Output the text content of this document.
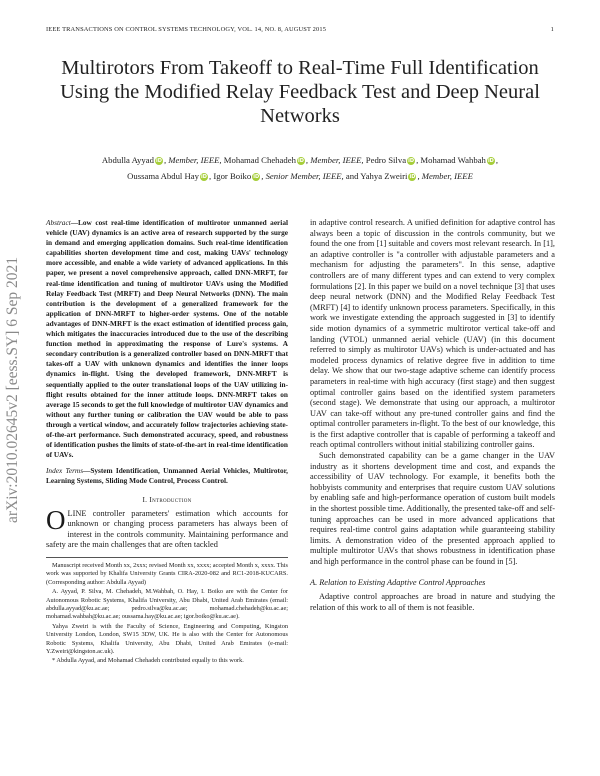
IEEE TRANSACTIONS ON CONTROL SYSTEMS TECHNOLOGY, VOL. 14, NO. 8, AUGUST 2015	1
arXiv:2010.02645v2 [eess.SY] 6 Sep 2021
Multirotors From Takeoff to Real-Time Full Identification Using the Modified Relay Feedback Test and Deep Neural Networks
Abdulla Ayyad iD , Member, IEEE, Mohamad Chehadeh iD , Member, IEEE, Pedro Silva iD , Mohamad Wahbah iD ,
Oussama Abdul Hay iD , Igor Boiko iD , Senior Member, IEEE, and Yahya Zweiri iD , Member, IEEE
Abstract—Low cost real-time identification of multirotor unmanned aerial vehicle (UAV) dynamics is an active area of research supported by the surge in demand and emerging application domains. Such real-time identification capabilities shorten development time and cost, making UAVs' technology more accessible, and enable a wide variety of advanced applications. In this paper, we present a novel comprehensive approach, called DNN-MRFT, for real-time identification and tuning of multirotor UAVs using the Modified Relay Feedback Test (MRFT) and Deep Neural Networks (DNN). The main contribution is the development of a generalized framework for the application of DNN-MRFT to higher-order systems. One of the notable advantages of DNN-MRFT is the exact estimation of identified process gain, which mitigates the inaccuracies introduced due to the use of the describing function method in approximating the response of Lure's systems. A secondary contribution is a generalized controller based on DNN-MRFT that takes-off a UAV with unknown dynamics and identifies the inner loops dynamics in-flight. Using the developed framework, DNN-MRFT is sequentially applied to the outer translational loops of the UAV utilizing in-flight results obtained for the inner attitude loops. DNN-MRFT takes on average 15 seconds to get the full knowledge of multirotor UAV dynamics and without any further tuning or calibration the UAV would be able to pass through a vertical window, and accurately follow trajectories achieving state-of-the-art performance. Such demonstrated accuracy, speed, and robustness of identification pushes the limits of state-of-the-art in real-time identification of UAVs.
Index Terms—System Identification, Unmanned Aerial Vehicles, Multirotor, Learning Systems, Sliding Mode Control, Process Control.
I. Introduction
OLINE controller parameters' estimation which accounts for unknown or changing process parameters has always been of interest in the controls community. Maintaining performance and safety are the main challenges that are often tackled

Manuscript received Month xx, 2xxx; revised Month xx, xxxx; accepted Month x, xxxx. This work was supported by Khalifa University Grants CIRA-2020-082 and RC1-2018-KUCARS. (Corresponding author: Abdulla Ayyad)

A. Ayyad, P. Silva, M. Chehadeh, M.Wahbah, O. Hay, I. Boiko are with the Center for Autonomous Robotic Systems, Khalifa University, Abu Dhabi, United Arab Emirates (email: abdulla.ayyad@ku.ac.ae; pedro.silva@ku.ac.ae; mohamad.chehadeh@ku.ac.ae; mohamad.wahbah@ku.ac.ae; oussama.hay@ku.ac.ae; igor.boiko@ku.ac.ae).

Yahya Zweiri is with the Faculty of Science, Engineering and Computing, Kingston University London, London, SW15 3DW, UK. He is also with the Center for Autonomous Robotic Systems, Khalifa University, Abu Dhabi, United Arab Emirates (e-mail: Y.Zweiri@kingston.ac.uk).

* Abdulla Ayyad, and Mohamad Chehadeh contributed equally to this work.

in adaptive control research. A unified definition for adaptive control has always been a topic of discussion in the controls community, but we found the one from [1] suitable and covers most relevant research. In [1], an adaptive controller is "a controller with adjustable parameters and a mechanism for adjusting the parameters". In this sense, adaptive controllers are of many different types and can extend to very complex formulations [2]. In this paper we build on a novel technique [3] that uses deep neural network (DNN) and the Modified Relay Feedback Test (MRFT) [4] to identify unknown process parameters. Specifically, in this work we investigate extending the approach suggested in [3] to identify side motion dynamics of a symmetric multirotor vertical take-off and landing (VTOL) unmanned aerial vehicle (UAV) (in this document referred to simply as multirotor UAVs) which is under-actuated and has modeled process dynamics of relative degree five in addition to time delay. We show that our two-stage adaptive scheme can identify process parameters in real-time with high accuracy (first stage) and then suggest optimal controller gains based on the identified system parameters (second stage). We demonstrate that using our approach, a multirotor UAV can take-off without any pre-tuned controller gains and find the optimal controller parameters in-flight. To the best of our knowledge, this is the first adaptive controller that is capable of performing a takeoff and reach optimal controllers without initial stabilizing controller gains.

Such demonstrated capability can be a game changer in the UAV industry as it shortens development time and cost, and expands the accessibility of UAV technology. For example, it benefits both the hobbyists community and enterprises that require custom UAV solutions by enabling safe and high-performance operation of custom built models in the shortest possible time. Additionally, the presented take-off and self-tuning approaches can be used in more advanced applications that requires real-time control gains adaptation while guaranteeing stability limits. A demonstration video of the presented approach applied to multiple multirotor UAVs that shows robustness in identification phase and high performance in the control phase can be found in [5].

A. Relation to Existing Adaptive Control Approaches

Adaptive control approaches are broad in nature and studying the relation of this work to all of them is not feasible.
